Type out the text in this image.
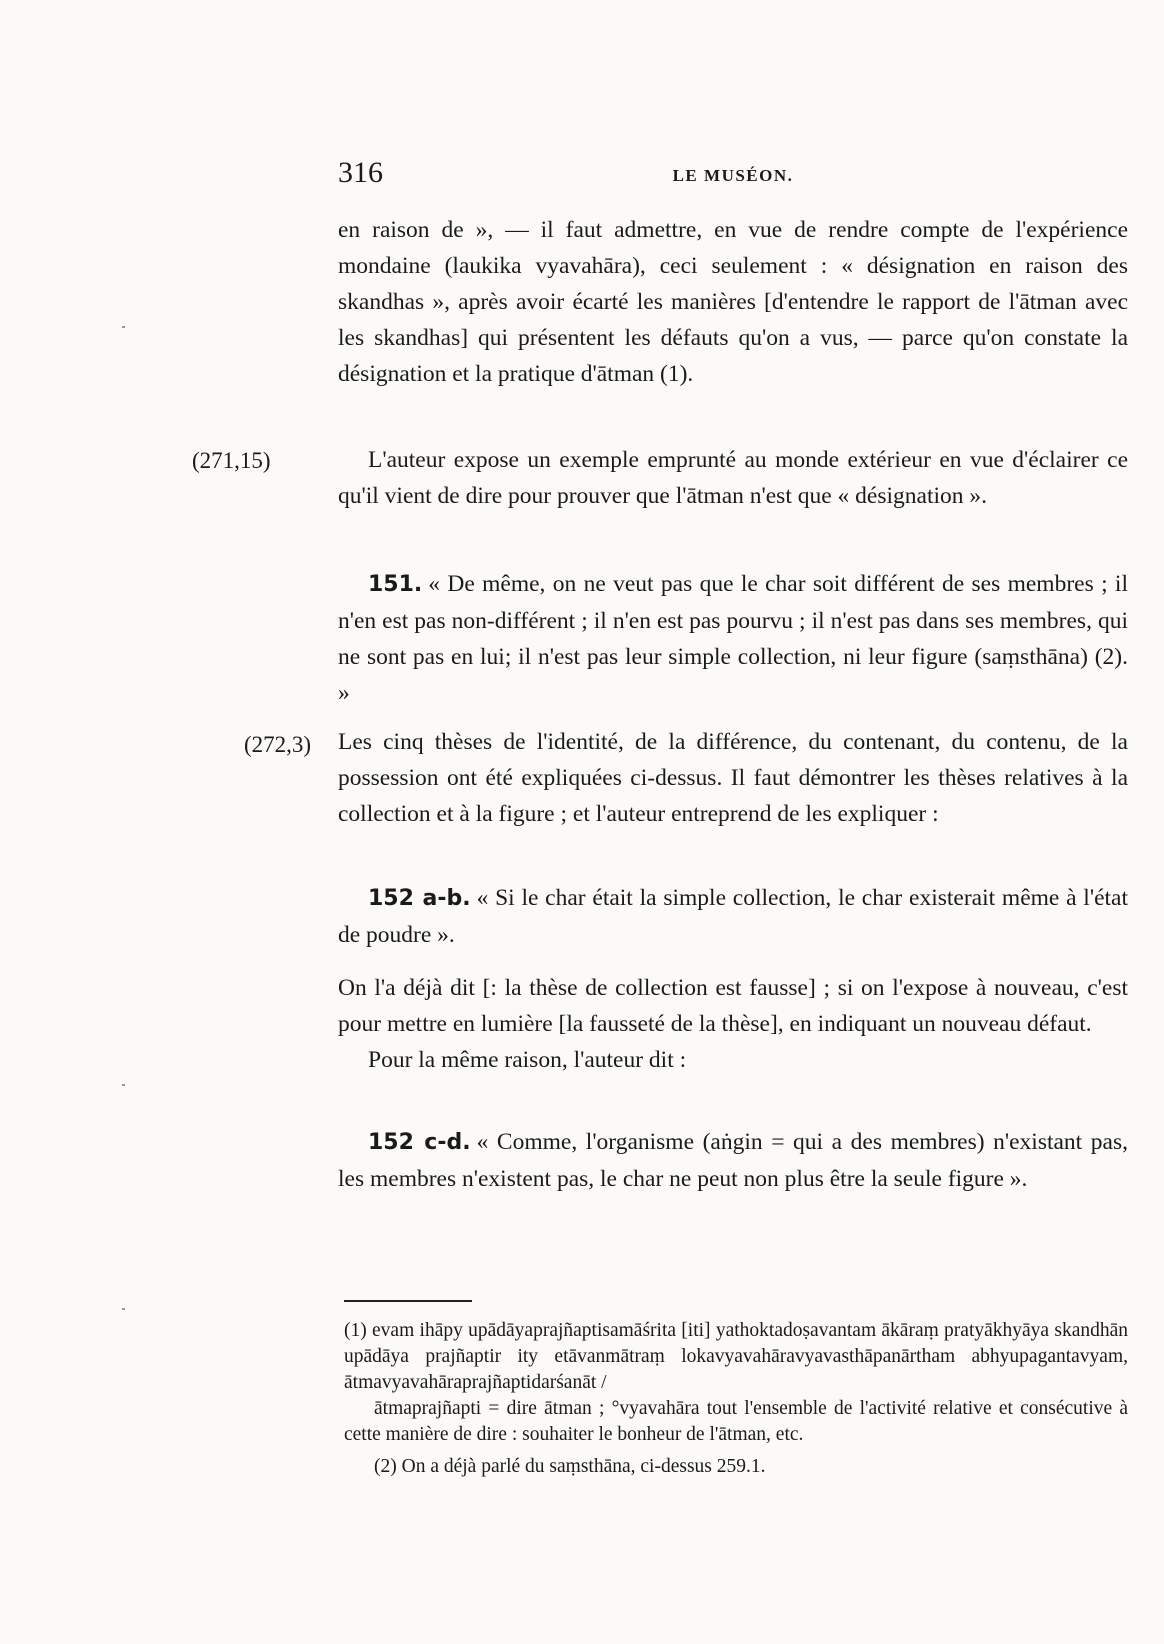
316	LE MUSÉON.

en raison de », — il faut admettre, en vue de rendre compte de l'expérience mondaine (laukika vyavahāra), ceci seulement : « désignation en raison des skandhas », après avoir écarté les manières [d'entendre le rapport de l'ātman avec les skandhas] qui présentent les défauts qu'on a vus, — parce qu'on constate la désignation et la pratique d'ātman (1).

(271,15)	L'auteur expose un exemple emprunté au monde extérieur en vue d'éclairer ce qu'il vient de dire pour prouver que l'ātman n'est que « désignation ».

151. « De même, on ne veut pas que le char soit différent de ses membres ; il n'en est pas non-différent ; il n'en est pas pourvu ; il n'est pas dans ses membres, qui ne sont pas en lui; il n'est pas leur simple collection, ni leur figure (saṃsthāna) (2). »

(272,3) Les cinq thèses de l'identité, de la différence, du contenant, du contenu, de la possession ont été expliquées ci-dessus. Il faut démontrer les thèses relatives à la collection et à la figure ; et l'auteur entreprend de les expliquer :

152 a-b. « Si le char était la simple collection, le char existerait même à l'état de poudre ».

On l'a déjà dit [: la thèse de collection est fausse] ; si on l'expose à nouveau, c'est pour mettre en lumière [la fausseté de la thèse], en indiquant un nouveau défaut.

Pour la même raison, l'auteur dit :

152 c-d. « Comme, l'organisme (aṅgin = qui a des membres) n'existant pas, les membres n'existent pas, le char ne peut non plus être la seule figure ».

(1) evam ihāpy upādāyaprajñaptisamāśrita [iti] yathoktadoṣavantam ākāraṃ pratyākhyāya skandhān upādāya prajñaptir ity etāvanmātraṃ lokavyavahāravyavasthāpanārtham abhyupagantavyam, ātmavyavahāraprajñaptidarśanāt /

ātmaprajñapti = dire ātman ; °vyavahāra tout l'ensemble de l'activité relative et consécutive à cette manière de dire : souhaiter le bonheur de l'ātman, etc.

(2) On a déjà parlé du saṃsthāna, ci-dessus 259.1.
